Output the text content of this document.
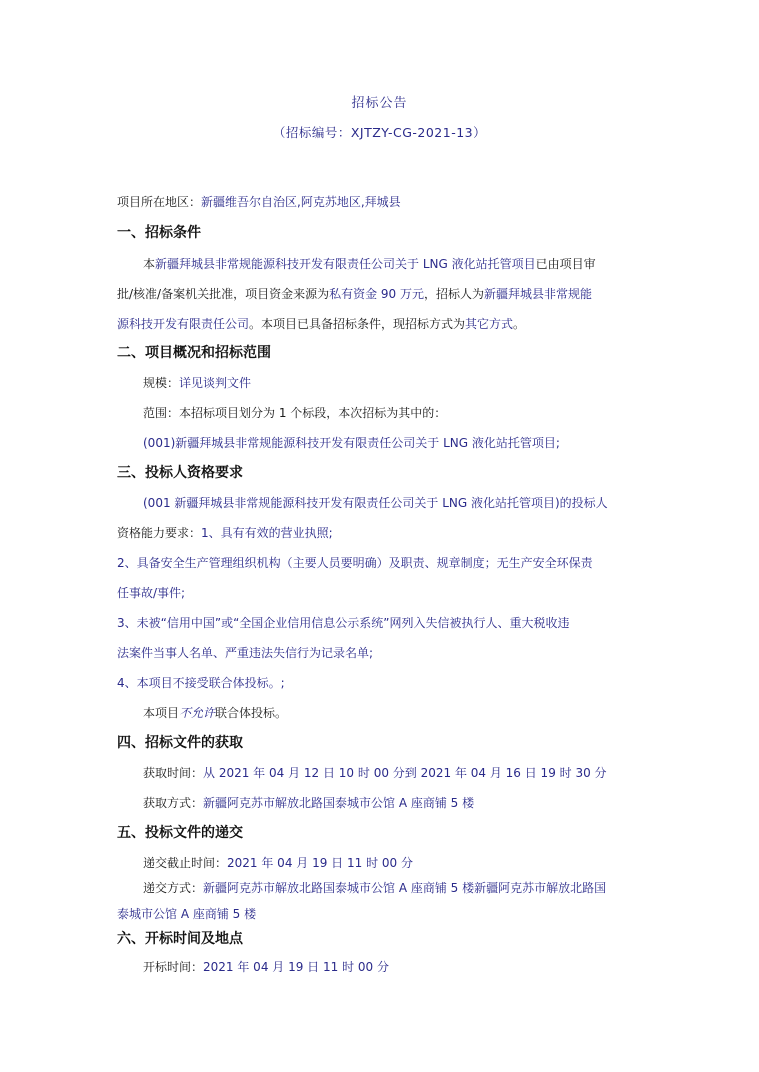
招标公告
（招标编号：XJTZY-CG-2021-13）
项目所在地区：新疆维吾尔自治区,阿克苏地区,拜城县
一、招标条件
本新疆拜城县非常规能源科技开发有限责任公司关于 LNG 液化站托管项目已由项目审
批/核准/备案机关批准，项目资金来源为私有资金 90 万元，招标人为新疆拜城县非常规能
源科技开发有限责任公司。本项目已具备招标条件，现招标方式为其它方式。
二、项目概况和招标范围
规模：详见谈判文件
范围：本招标项目划分为 1 个标段，本次招标为其中的：
(001)新疆拜城县非常规能源科技开发有限责任公司关于 LNG 液化站托管项目;
三、投标人资格要求
(001 新疆拜城县非常规能源科技开发有限责任公司关于 LNG 液化站托管项目)的投标人
资格能力要求：1、具有有效的营业执照;
2、具备安全生产管理组织机构（主要人员要明确）及职责、规章制度；无生产安全环保责
任事故/事件;
3、未被“信用中国”或“全国企业信用信息公示系统”网列入失信被执行人、重大税收违
法案件当事人名单、严重违法失信行为记录名单;
4、本项目不接受联合体投标。;
本项目不允许联合体投标。
四、招标文件的获取
获取时间：从 2021 年 04 月 12 日 10 时 00 分到 2021 年 04 月 16 日 19 时 30 分
获取方式：新疆阿克苏市解放北路国泰城市公馆 A 座商铺 5 楼
五、投标文件的递交
递交截止时间：2021 年 04 月 19 日 11 时 00 分
递交方式：新疆阿克苏市解放北路国泰城市公馆 A 座商铺 5 楼新疆阿克苏市解放北路国
泰城市公馆 A 座商铺 5 楼
六、开标时间及地点
开标时间：2021 年 04 月 19 日 11 时 00 分
